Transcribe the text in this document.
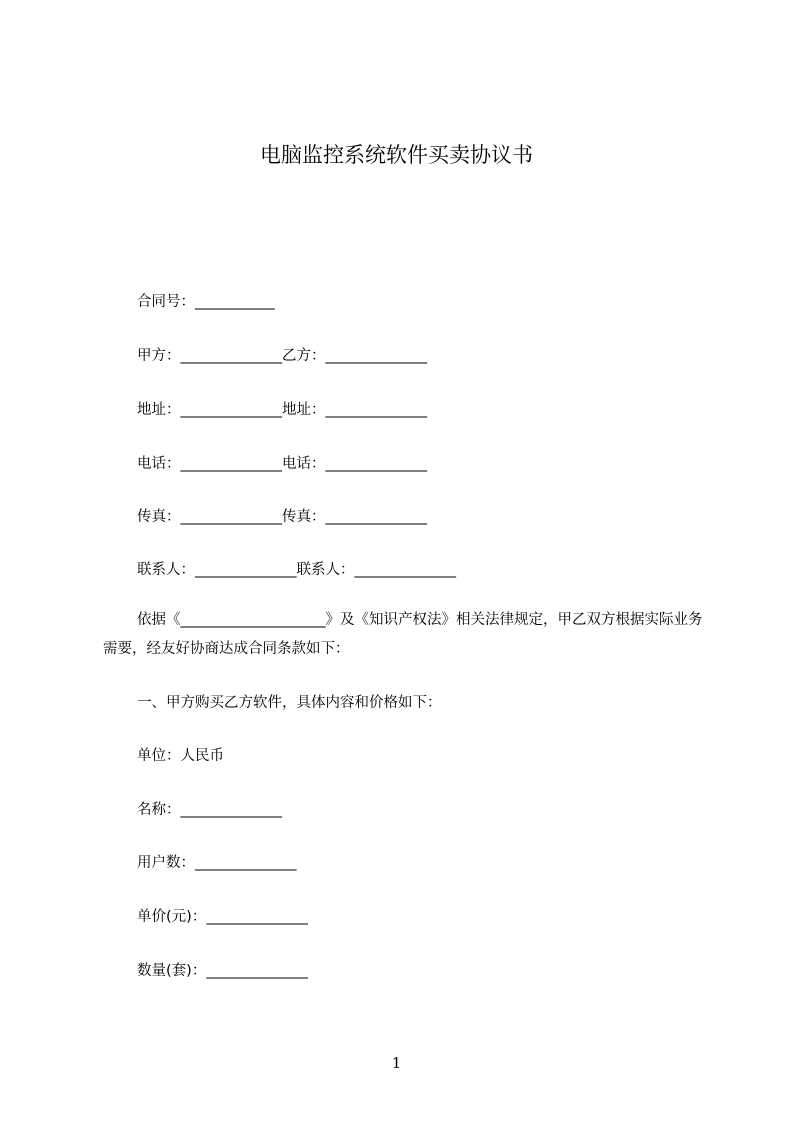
电脑监控系统软件买卖协议书
合同号：___________
甲方：______________乙方：______________
地址：______________地址：______________
电话：______________电话：______________
传真：______________传真：______________
联系人：______________联系人：______________
依据《____________________》及《知识产权法》相关法律规定，甲乙双方根据实际业务需要，经友好协商达成合同条款如下：
一、甲方购买乙方软件，具体内容和价格如下：
单位：人民币
名称：______________
用户数：______________
单价(元)：______________
数量(套)：______________
1
